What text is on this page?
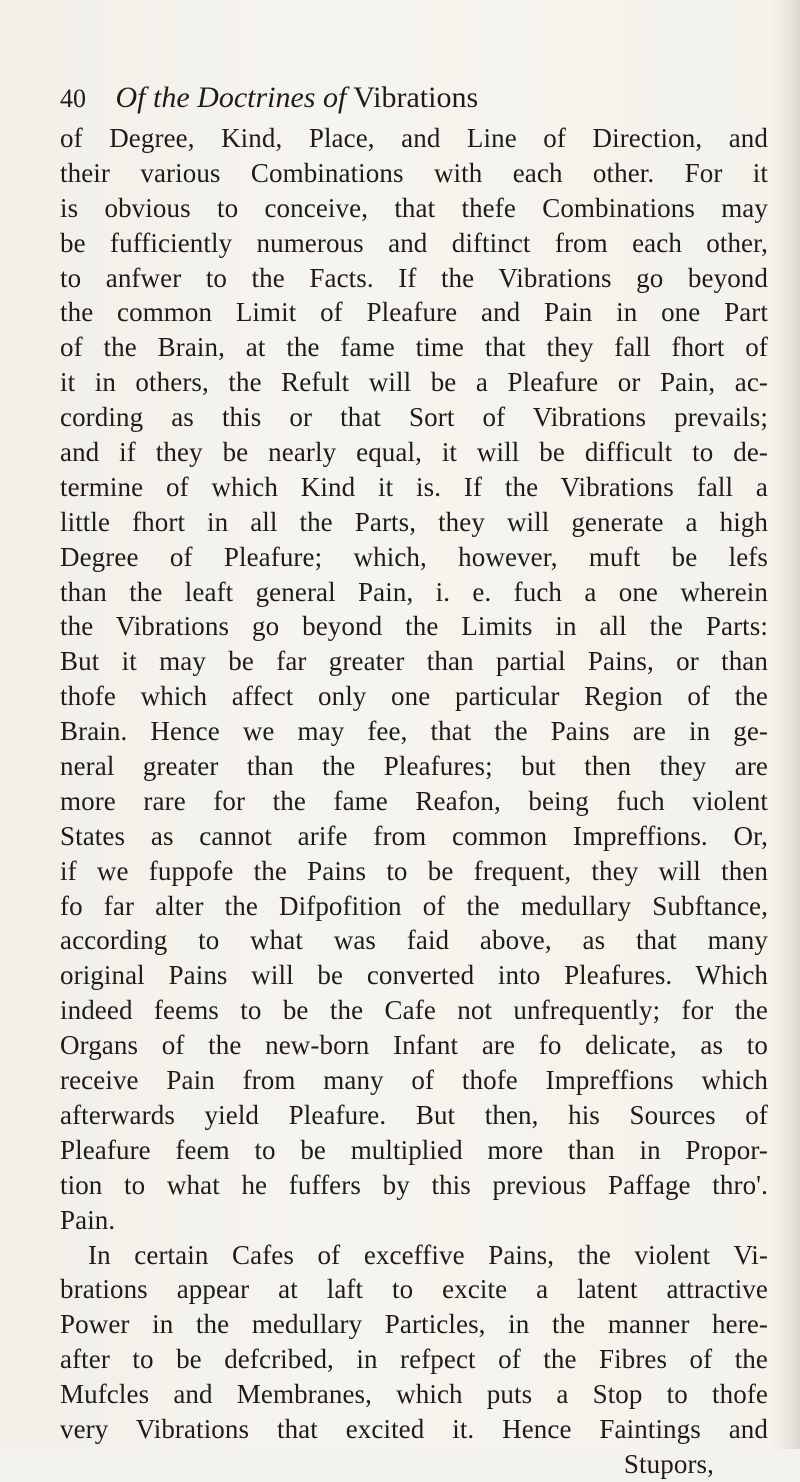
40 Of the Doctrines of Vibrations
of Degree, Kind, Place, and Line of Direction, and
their various Combinations with each other. For it
is obvious to conceive, that thefe Combinations may
be fufficiently numerous and diftinct from each other,
to anfwer to the Facts. If the Vibrations go beyond
the common Limit of Pleafure and Pain in one Part
of the Brain, at the fame time that they fall fhort of
it in others, the Refult will be a Pleafure or Pain, ac-
cording as this or that Sort of Vibrations prevails;
and if they be nearly equal, it will be difficult to de-
termine of which Kind it is. If the Vibrations fall a
little fhort in all the Parts, they will generate a high
Degree of Pleafure; which, however, muft be lefs
than the leaft general Pain, i. e. fuch a one wherein
the Vibrations go beyond the Limits in all the Parts:
But it may be far greater than partial Pains, or than
thofe which affect only one particular Region of the
Brain. Hence we may fee, that the Pains are in ge-
neral greater than the Pleafures; but then they are
more rare for the fame Reafon, being fuch violent
States as cannot arife from common Impreffions. Or,
if we fuppofe the Pains to be frequent, they will then
fo far alter the Difpofition of the medullary Subftance,
according to what was faid above, as that many
original Pains will be converted into Pleafures. Which
indeed feems to be the Cafe not unfrequently; for the
Organs of the new-born Infant are fo delicate, as to
receive Pain from many of thofe Impreffions which
afterwards yield Pleafure. But then, his Sources of
Pleafure feem to be multiplied more than in Propor-
tion to what he fuffers by this previous Paffage thro'.
Pain.
In certain Cafes of exceffive Pains, the violent Vi-
brations appear at laft to excite a latent attractive
Power in the medullary Particles, in the manner here-
after to be defcribed, in refpect of the Fibres of the
Mufcles and Membranes, which puts a Stop to thofe
very Vibrations that excited it. Hence Faintings and
Stupors,
